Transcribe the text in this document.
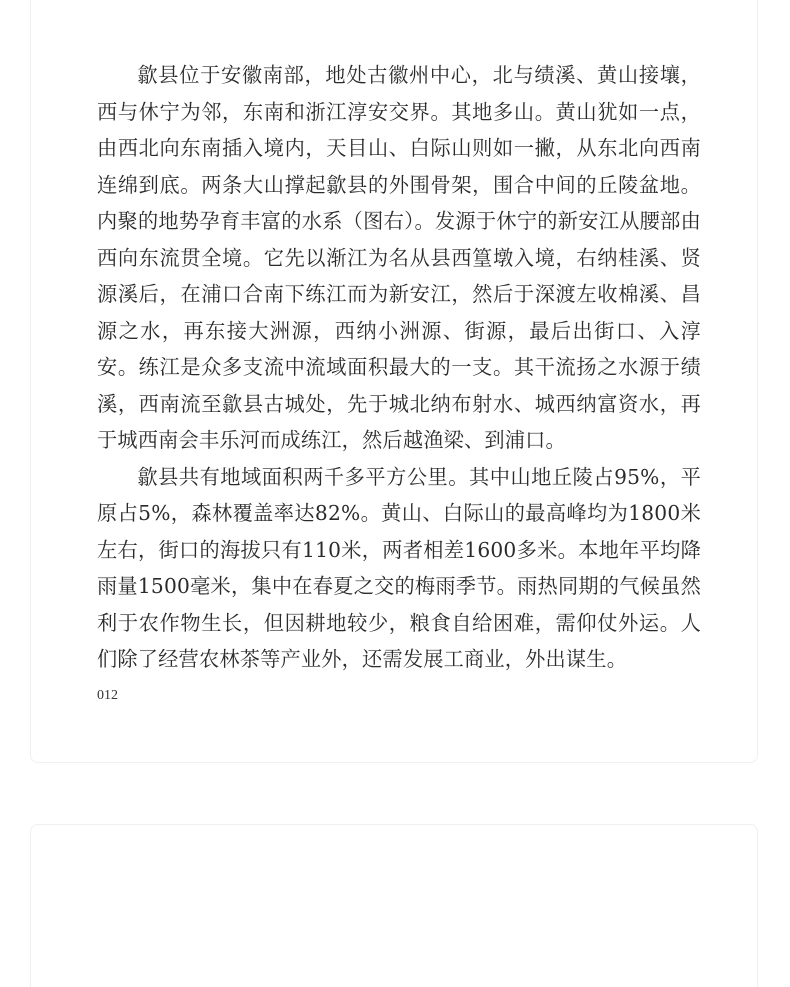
歙县位于安徽南部，地处古徽州中心，北与绩溪、黄山接壤，西与休宁为邻，东南和浙江淳安交界。其地多山。黄山犹如一点，由西北向东南插入境内，天目山、白际山则如一撇，从东北向西南连绵到底。两条大山撑起歙县的外围骨架，围合中间的丘陵盆地。内聚的地势孕育丰富的水系（图右）。发源于休宁的新安江从腰部由西向东流贯全境。它先以渐江为名从县西篁墩入境，右纳桂溪、贤源溪后，在浦口合南下练江而为新安江，然后于深渡左收棉溪、昌源之水，再东接大洲源，西纳小洲源、街源，最后出街口、入淳安。练江是众多支流中流域面积最大的一支。其干流扬之水源于绩溪，西南流至歙县古城处，先于城北纳布射水、城西纳富资水，再于城西南会丰乐河而成练江，然后越渔梁、到浦口。

歙县共有地域面积两千多平方公里。其中山地丘陵占95%，平原占5%，森林覆盖率达82%。黄山、白际山的最高峰均为1800米左右，街口的海拔只有110米，两者相差1600多米。本地年平均降雨量1500毫米，集中在春夏之交的梅雨季节。雨热同期的气候虽然利于农作物生长，但因耕地较少，粮食自给困难，需仰仗外运。人们除了经营农林茶等产业外，还需发展工商业，外出谋生。

012
